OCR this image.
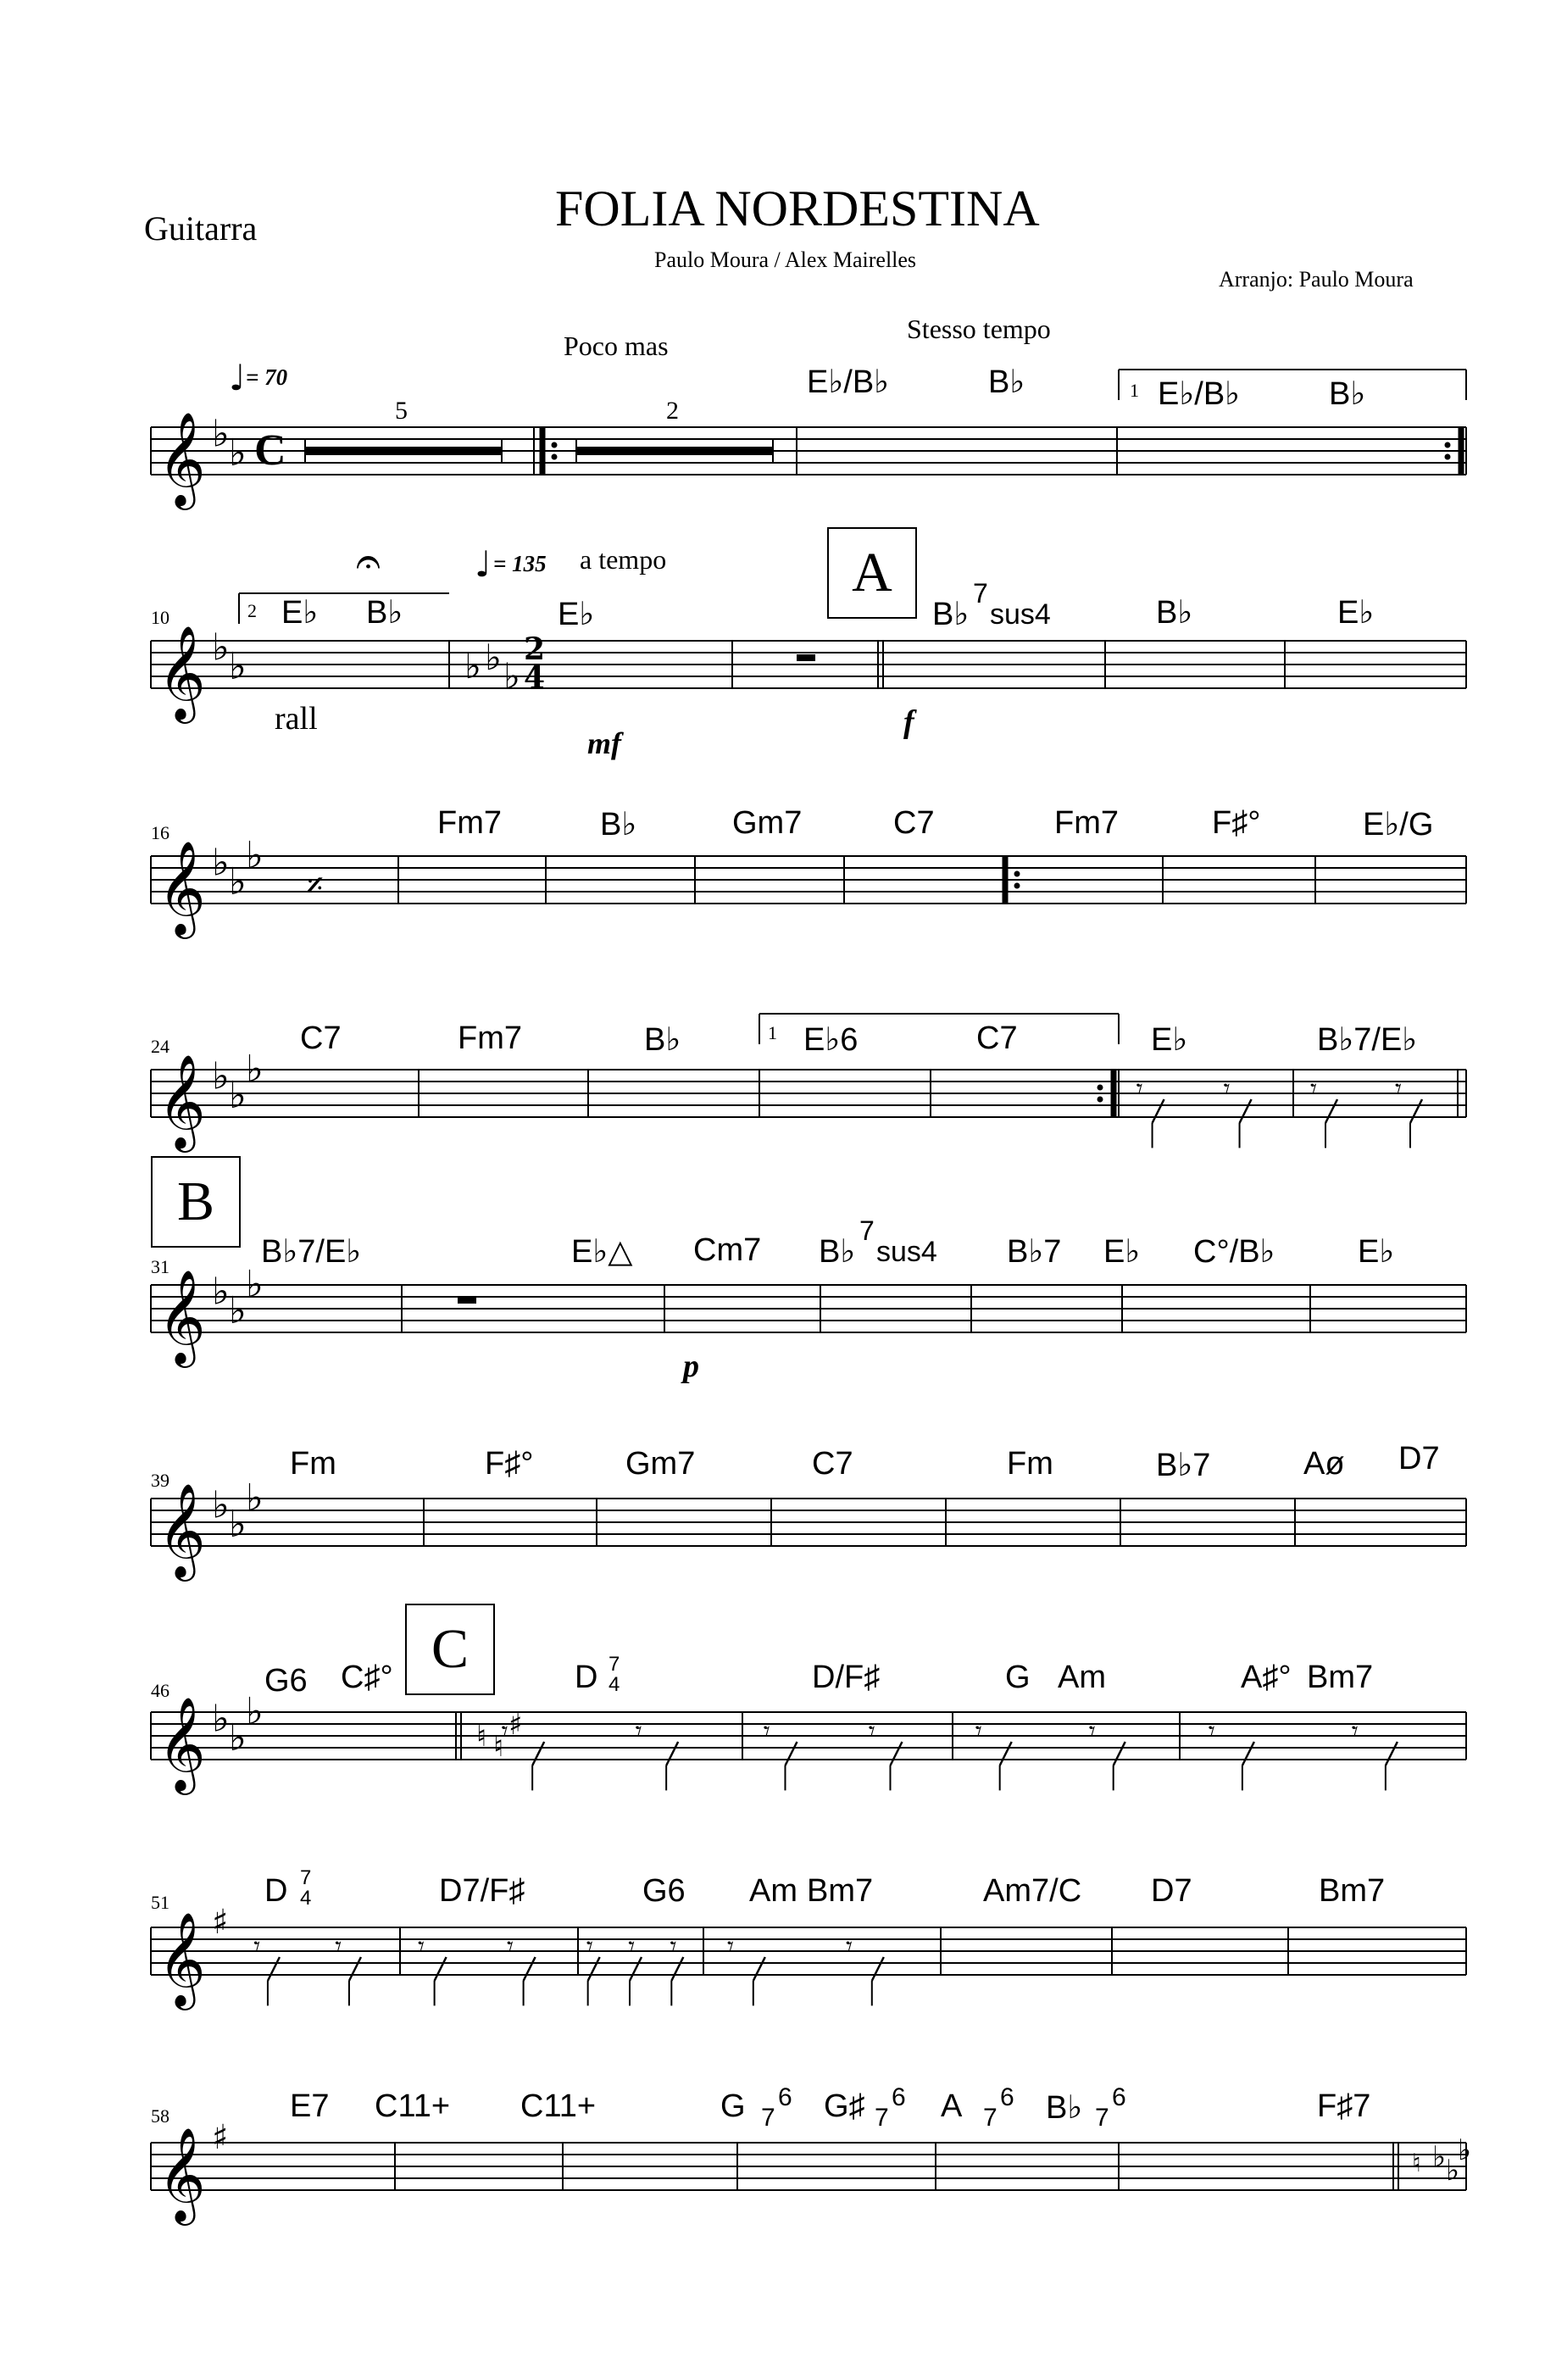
Guitarra	FOLIA NORDESTINA
Paulo Moura / Alex Mairelles
Arranjo: Paulo Moura
𝄞 ♭ ♭
𝄞 ♭ ♭
𝄞 ♭ ♭
♭
𝄞 ♭ ♭
♭
𝄞 ♭ ♭
♭
𝄞 ♭ ♭
♭
𝄞 ♭ ♭
♭
𝄞 ♯
𝄞 ♯
𝄐
♩
♩
♭ ♭ ♭
2
4
𝄎
𝄾	𝄾	𝄾	𝄾
𝄾	𝄾	𝄾	𝄾	𝄾	𝄾	𝄾	𝄾
𝄾	𝄾	𝄾	𝄾	𝄾 𝄾 𝄾 𝄾	𝄾
♮ ♮
♯
♮ ♭ ♭
♭
= 70
Poco mas
Stesso tempo
5	2
1
C
E♭/B♭	B♭	E♭/B♭	B♭
10	2 E♭ B♭	E♭	B♭
7
sus4	B♭	E♭
= 135 a tempo
rall
mf
f
A
16	Fm7	B♭	Gm7	C7	Fm7	F♯°	E♭/G
24
1
C7	Fm7	B♭	E♭6	C7	E♭	B♭7/E♭
B
31	B♭7/E♭	E♭△ Cm7 B♭
7
sus4 B♭7 E♭ C°/B♭	E♭
p
39	Fm	F♯°	Gm7	C7	Fm	B♭7	Aø D7
46	G6 C♯° C	D 7
4	D/F♯	G Am	A♯° Bm7
51	D 7
4	D7/F♯	G6 Am Bm7	Am7/C D7	Bm7
58	E7 C11+ C11+	G 7
6 G♯ 7
6 A 7
6 B♭ 7
6	F♯7
